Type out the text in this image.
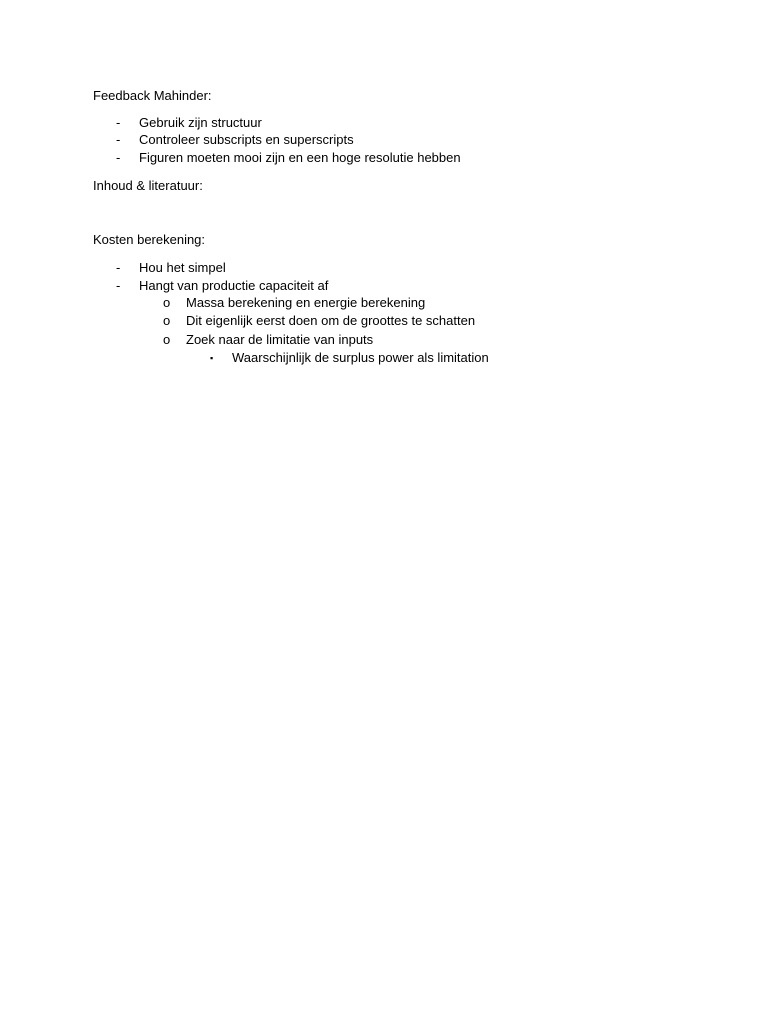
Feedback Mahinder:
- Gebruik zijn structuur
- Controleer subscripts en superscripts
- Figuren moeten mooi zijn en een hoge resolutie hebben
Inhoud & literatuur:
Kosten berekening:
- Hou het simpel
- Hangt van productie capaciteit af
o Massa berekening en energie berekening
o Dit eigenlijk eerst doen om de groottes te schatten
o Zoek naar de limitatie van inputs
▪ Waarschijnlijk de surplus power als limitation
